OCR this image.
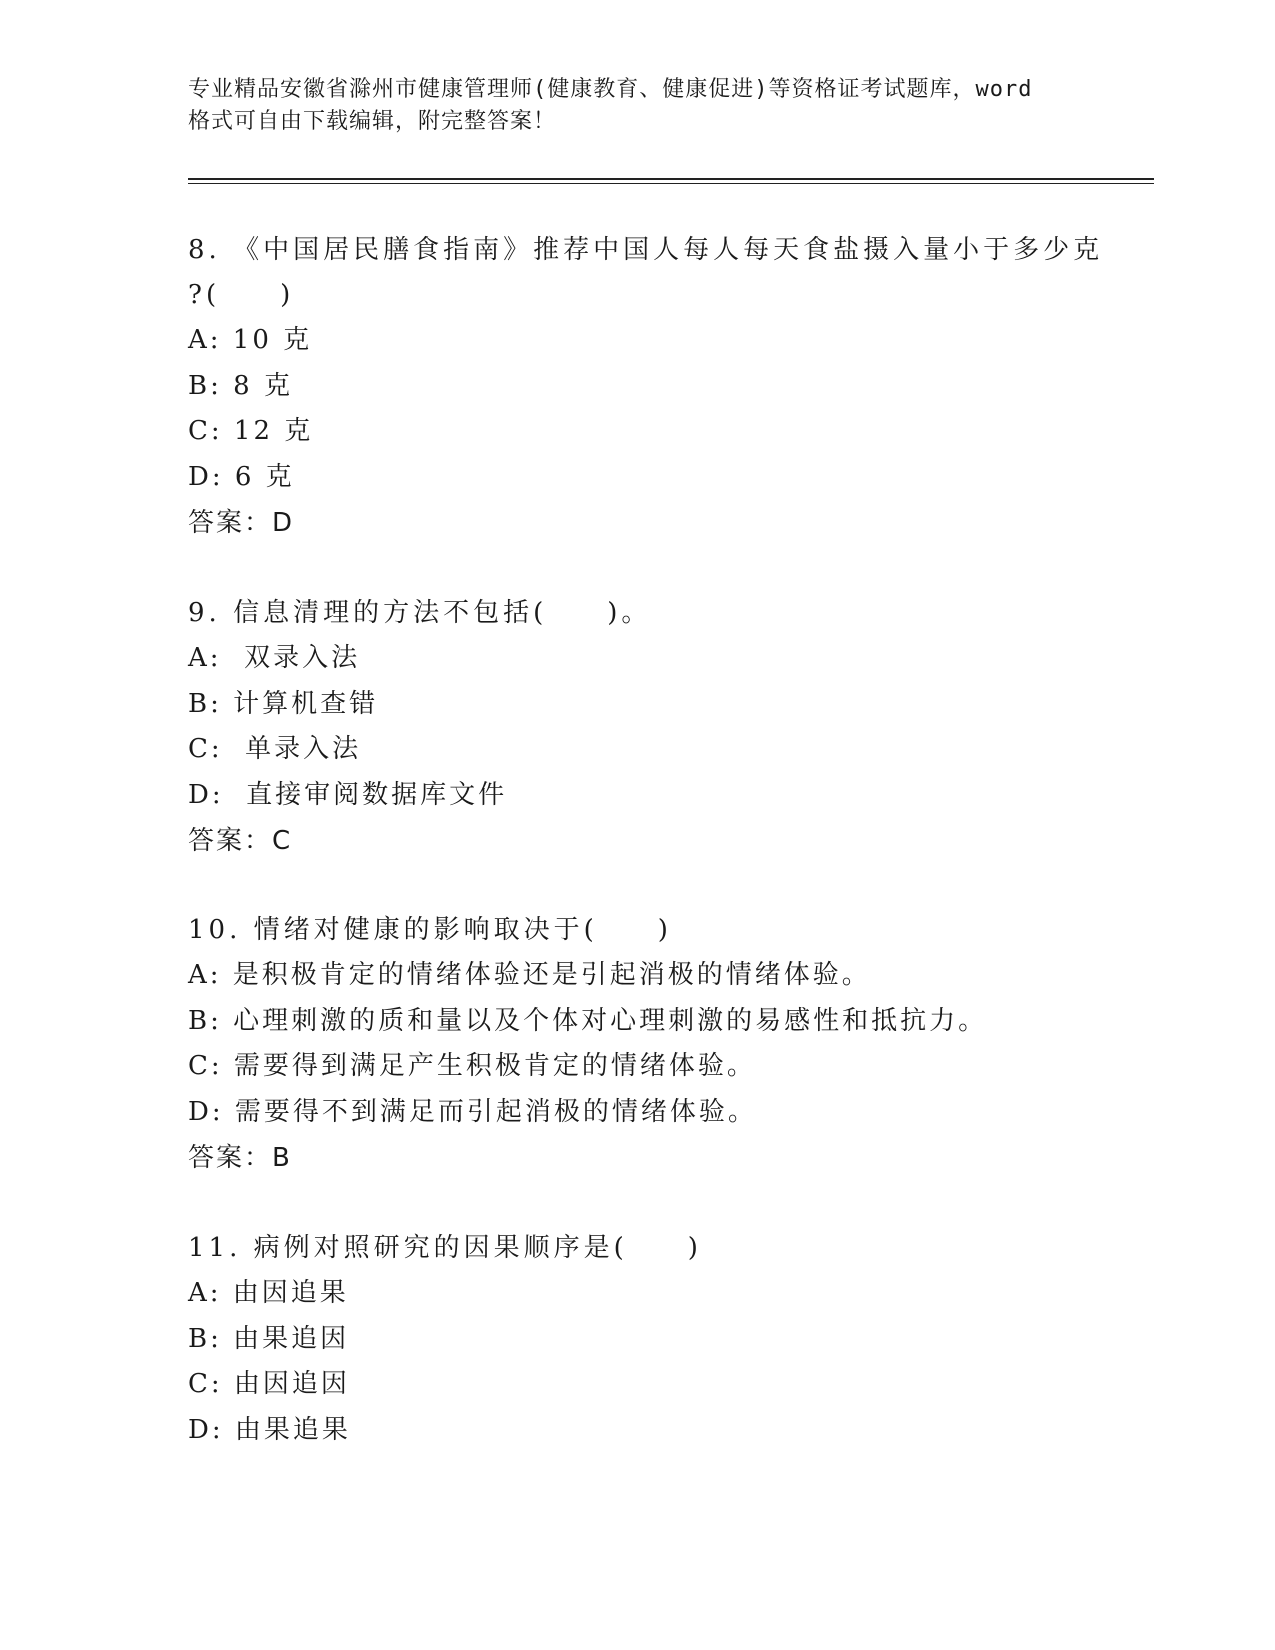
专业精品安徽省滁州市健康管理师(健康教育、健康促进)等资格证考试题库，word
格式可自由下载编辑，附完整答案！

8. 《中国居民膳食指南》推荐中国人每人每天食盐摄入量小于多少克

?(　　)

A: 10 克

B: 8 克

C: 12 克

D: 6 克

答案：D

9. 信息清理的方法不包括(　　)。

A:  双录入法

B: 计算机查错

C:  单录入法

D:  直接审阅数据库文件

答案：C

10. 情绪对健康的影响取决于(　　)

A: 是积极肯定的情绪体验还是引起消极的情绪体验。

B: 心理刺激的质和量以及个体对心理刺激的易感性和抵抗力。

C: 需要得到满足产生积极肯定的情绪体验。

D: 需要得不到满足而引起消极的情绪体验。

答案：B

11. 病例对照研究的因果顺序是(　　)

A: 由因追果

B: 由果追因

C: 由因追因

D: 由果追果
